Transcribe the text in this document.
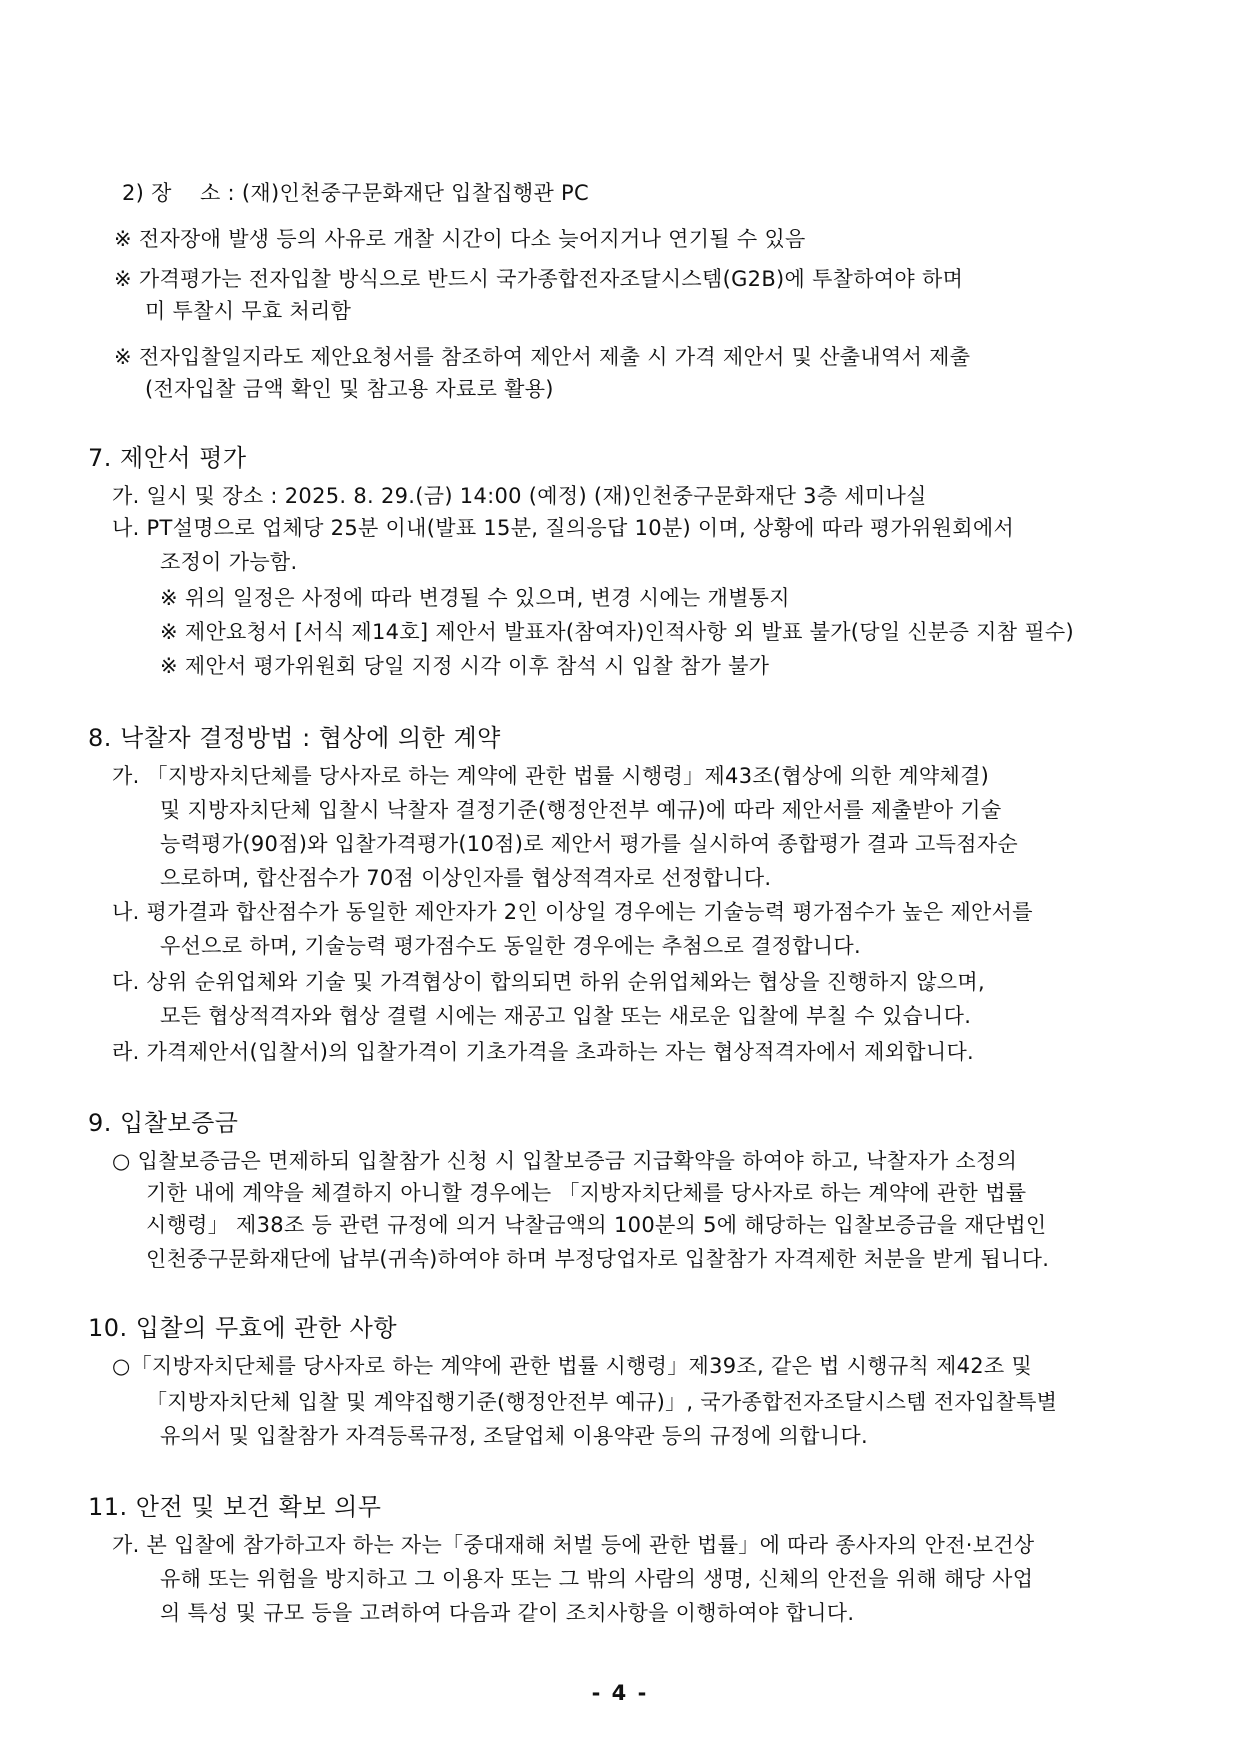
2) 장　 소 : (재)인천중구문화재단 입찰집행관 PC
※ 전자장애 발생 등의 사유로 개찰 시간이 다소 늦어지거나 연기될 수 있음
※ 가격평가는 전자입찰 방식으로 반드시 국가종합전자조달시스템(G2B)에 투찰하여야 하며
미 투찰시 무효 처리함
※ 전자입찰일지라도 제안요청서를 참조하여 제안서 제출 시 가격 제안서 및 산출내역서 제출
(전자입찰 금액 확인 및 참고용 자료로 활용)
7. 제안서 평가
가. 일시 및 장소 : 2025. 8. 29.(금) 14:00 (예정) (재)인천중구문화재단 3층 세미나실
나. PT설명으로 업체당 25분 이내(발표 15분, 질의응답 10분) 이며, 상황에 따라 평가위원회에서
조정이 가능함.
※ 위의 일정은 사정에 따라 변경될 수 있으며, 변경 시에는 개별통지
※ 제안요청서 [서식 제14호] 제안서 발표자(참여자)인적사항 외 발표 불가(당일 신분증 지참 필수)
※ 제안서 평가위원회 당일 지정 시각 이후 참석 시 입찰 참가 불가
8. 낙찰자 결정방법 : 협상에 의한 계약
가. 「지방자치단체를 당사자로 하는 계약에 관한 법률 시행령」제43조(협상에 의한 계약체결)
및 지방자치단체 입찰시 낙찰자 결정기준(행정안전부 예규)에 따라 제안서를 제출받아 기술
능력평가(90점)와 입찰가격평가(10점)로 제안서 평가를 실시하여 종합평가 결과 고득점자순
으로하며, 합산점수가 70점 이상인자를 협상적격자로 선정합니다.
나. 평가결과 합산점수가 동일한 제안자가 2인 이상일 경우에는 기술능력 평가점수가 높은 제안서를
우선으로 하며, 기술능력 평가점수도 동일한 경우에는 추첨으로 결정합니다.
다. 상위 순위업체와 기술 및 가격협상이 합의되면 하위 순위업체와는 협상을 진행하지 않으며,
모든 협상적격자와 협상 결렬 시에는 재공고 입찰 또는 새로운 입찰에 부칠 수 있습니다.
라. 가격제안서(입찰서)의 입찰가격이 기초가격을 초과하는 자는 협상적격자에서 제외합니다.
9. 입찰보증금
○ 입찰보증금은 면제하되 입찰참가 신청 시 입찰보증금 지급확약을 하여야 하고, 낙찰자가 소정의
기한 내에 계약을 체결하지 아니할 경우에는 「지방자치단체를 당사자로 하는 계약에 관한 법률
시행령」 제38조 등 관련 규정에 의거 낙찰금액의 100분의 5에 해당하는 입찰보증금을 재단법인
인천중구문화재단에 납부(귀속)하여야 하며 부정당업자로 입찰참가 자격제한 처분을 받게 됩니다.
10. 입찰의 무효에 관한 사항
○「지방자치단체를 당사자로 하는 계약에 관한 법률 시행령」제39조, 같은 법 시행규칙 제42조 및
「지방자치단체 입찰 및 계약집행기준(행정안전부 예규)」, 국가종합전자조달시스템 전자입찰특별
유의서 및 입찰참가 자격등록규정, 조달업체 이용약관 등의 규정에 의합니다.
11. 안전 및 보건 확보 의무
가. 본 입찰에 참가하고자 하는 자는「중대재해 처벌 등에 관한 법률」에 따라 종사자의 안전·보건상
유해 또는 위험을 방지하고 그 이용자 또는 그 밖의 사람의 생명, 신체의 안전을 위해 해당 사업
의 특성 및 규모 등을 고려하여 다음과 같이 조치사항을 이행하여야 합니다.
- 4 -
